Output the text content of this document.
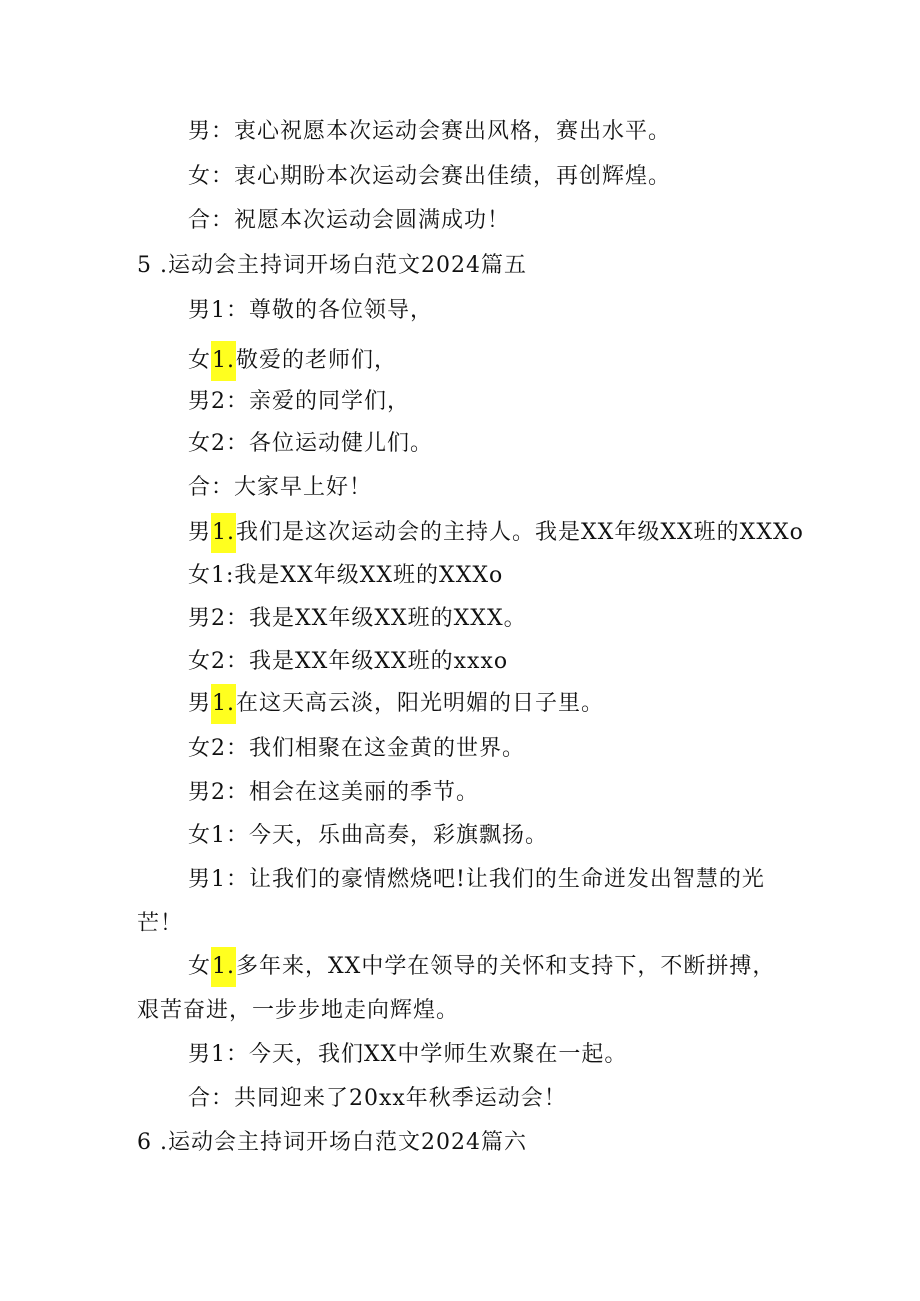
男：衷心祝愿本次运动会赛出风格，赛出水平。
女：衷心期盼本次运动会赛出佳绩，再创辉煌。
合：祝愿本次运动会圆满成功！
5 .运动会主持词开场白范文2024篇五
男1：尊敬的各位领导，
女1.敬爱的老师们，
男2：亲爱的同学们，
女2：各位运动健儿们。
合：大家早上好！
男1.我们是这次运动会的主持人。我是XX年级XX班的XXXo
女1:我是XX年级XX班的XXXo
男2：我是XX年级XX班的XXX。
女2：我是XX年级XX班的xxxo
男1.在这天高云淡，阳光明媚的日子里。
女2：我们相聚在这金黄的世界。
男2：相会在这美丽的季节。
女1：今天，乐曲高奏，彩旗飘扬。
男1：让我们的豪情燃烧吧!让我们的生命迸发出智慧的光
芒！
女1.多年来，XX中学在领导的关怀和支持下，不断拼搏，
艰苦奋进，一步步地走向辉煌。
男1：今天，我们XX中学师生欢聚在一起。
合：共同迎来了20xx年秋季运动会！
6 .运动会主持词开场白范文2024篇六
